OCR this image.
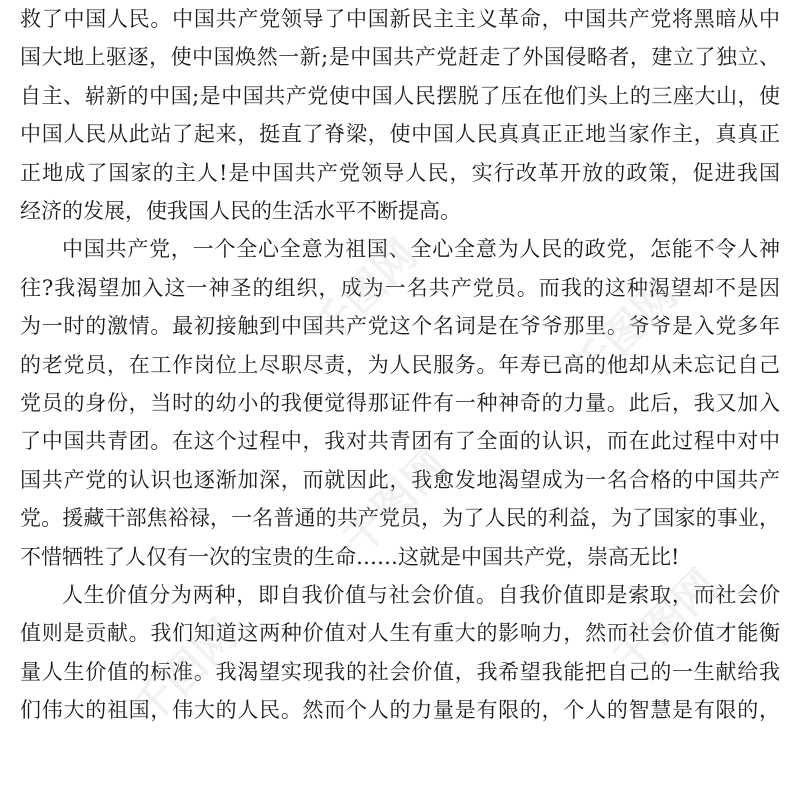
救了中国人民。中国共产党领导了中国新民主主义革命，中国共产党将黑暗从中
国大地上驱逐，使中国焕然一新;是中国共产党赶走了外国侵略者，建立了独立、
自主、崭新的中国;是中国共产党使中国人民摆脱了压在他们头上的三座大山，使
中国人民从此站了起来，挺直了脊梁，使中国人民真真正正地当家作主，真真正
正地成了国家的主人!是中国共产党领导人民，实行改革开放的政策，促进我国
经济的发展，使我国人民的生活水平不断提高。
中国共产党，一个全心全意为祖国、全心全意为人民的政党，怎能不令人神
往?我渴望加入这一神圣的组织，成为一名共产党员。而我的这种渴望却不是因
为一时的激情。最初接触到中国共产党这个名词是在爷爷那里。爷爷是入党多年
的老党员，在工作岗位上尽职尽责，为人民服务。年寿已高的他却从未忘记自己
党员的身份，当时的幼小的我便觉得那证件有一种神奇的力量。此后，我又加入
了中国共青团。在这个过程中，我对共青团有了全面的认识，而在此过程中对中
国共产党的认识也逐渐加深，而就因此，我愈发地渴望成为一名合格的中国共产
党。援藏干部焦裕禄，一名普通的共产党员，为了人民的利益，为了国家的事业，
不惜牺牲了人仅有一次的宝贵的生命……这就是中国共产党，崇高无比!
人生价值分为两种，即自我价值与社会价值。自我价值即是索取，而社会价
值则是贡献。我们知道这两种价值对人生有重大的影响力，然而社会价值才能衡
量人生价值的标准。我渴望实现我的社会价值，我希望我能把自己的一生献给我
们伟大的祖国，伟大的人民。然而个人的力量是有限的，个人的智慧是有限的，
千图网	千图网
千图网
千图网
千图网
